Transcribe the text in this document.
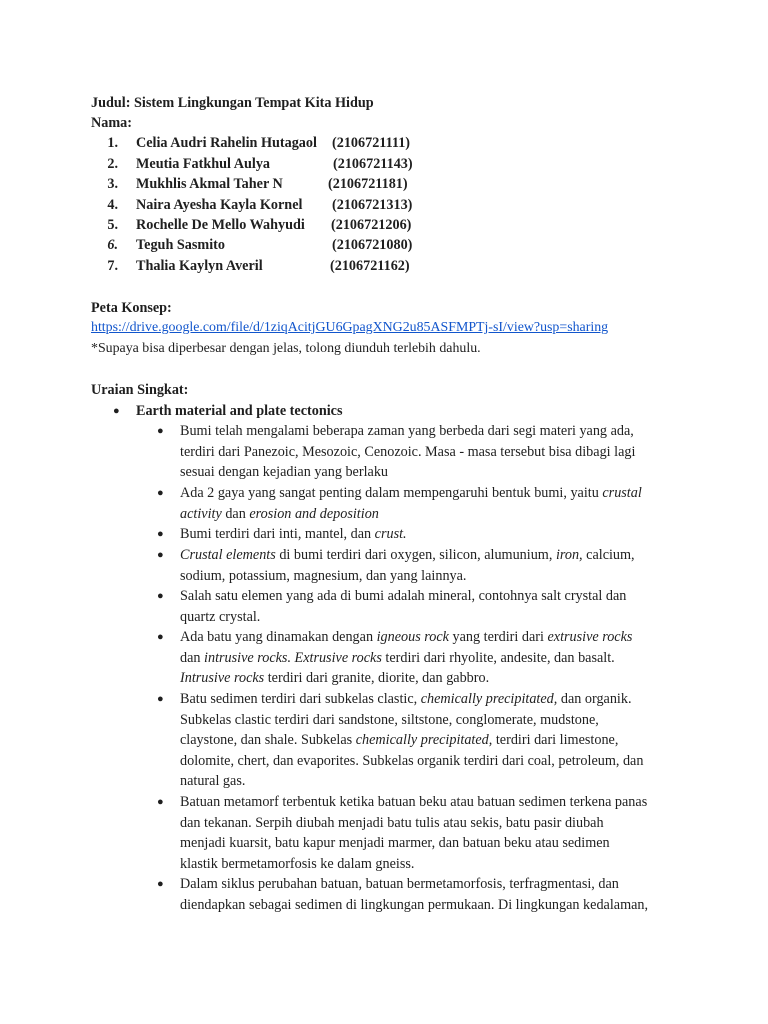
Judul: Sistem Lingkungan Tempat Kita Hidup
Nama:
1. Celia Audri Rahelin Hutagaol (2106721111)
2. Meutia Fatkhul Aulya	(2106721143)
3. Mukhlis Akmal Taher N	(2106721181)
4. Naira Ayesha Kayla Kornel (2106721313)
5. Rochelle De Mello Wahyudi (2106721206)
6. Teguh Sasmito	(2106721080)
7. Thalia Kaylyn Averil	(2106721162)
Peta Konsep:
https://drive.google.com/file/d/1ziqAcitjGU6GpagXNG2u85ASFMPTj-sI/view?usp=sharing
*Supaya bisa diperbesar dengan jelas, tolong diunduh terlebih dahulu.
Uraian Singkat:
● Earth material and plate tectonics
● Bumi telah mengalami beberapa zaman yang berbeda dari segi materi yang ada,
terdiri dari Panezoic, Mesozoic, Cenozoic. Masa - masa tersebut bisa dibagi lagi
sesuai dengan kejadian yang berlaku
● Ada 2 gaya yang sangat penting dalam mempengaruhi bentuk bumi, yaitu crustal
activity dan erosion and deposition
● Bumi terdiri dari inti, mantel, dan crust.
● Crustal elements di bumi terdiri dari oxygen, silicon, alumunium, iron, calcium,
sodium, potassium, magnesium, dan yang lainnya.
● Salah satu elemen yang ada di bumi adalah mineral, contohnya salt crystal dan
quartz crystal.
● Ada batu yang dinamakan dengan igneous rock yang terdiri dari extrusive rocks
dan intrusive rocks. Extrusive rocks terdiri dari rhyolite, andesite, dan basalt.
Intrusive rocks terdiri dari granite, diorite, dan gabbro.
● Batu sedimen terdiri dari subkelas clastic, chemically precipitated, dan organik.
Subkelas clastic terdiri dari sandstone, siltstone, conglomerate, mudstone,
claystone, dan shale. Subkelas chemically precipitated, terdiri dari limestone,
dolomite, chert, dan evaporites. Subkelas organik terdiri dari coal, petroleum, dan
natural gas.
● Batuan metamorf terbentuk ketika batuan beku atau batuan sedimen terkena panas
dan tekanan. Serpih diubah menjadi batu tulis atau sekis, batu pasir diubah
menjadi kuarsit, batu kapur menjadi marmer, dan batuan beku atau sedimen
klastik bermetamorfosis ke dalam gneiss.
● Dalam siklus perubahan batuan, batuan bermetamorfosis, terfragmentasi, dan
diendapkan sebagai sedimen di lingkungan permukaan. Di lingkungan kedalaman,
